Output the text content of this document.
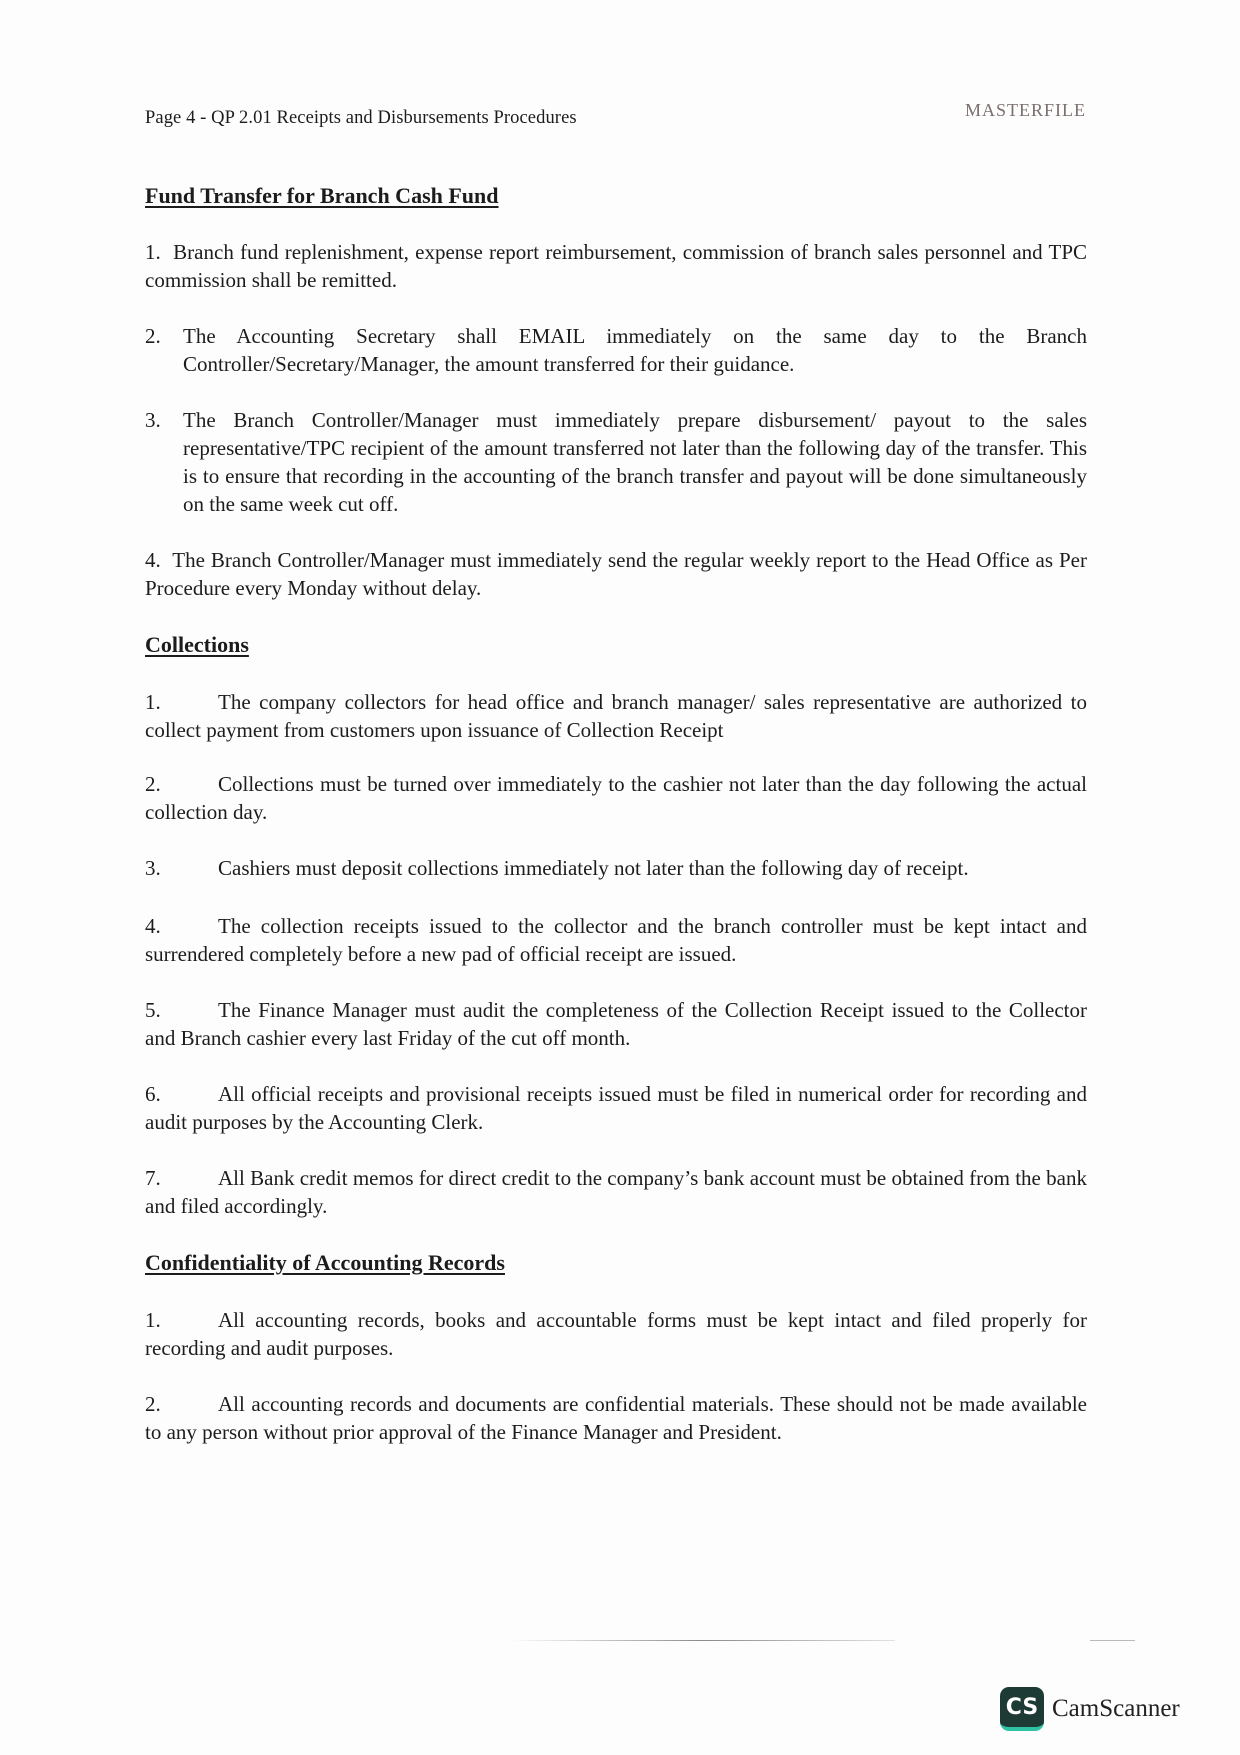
Page 4 - QP 2.01 Receipts and Disbursements Procedures	MASTERFILE
Fund Transfer for Branch Cash Fund
1. Branch fund replenishment, expense report reimbursement, commission of branch sales personnel and TPC commission shall be remitted.
2.	The Accounting Secretary shall EMAIL immediately on the same day to the Branch Controller/Secretary/Manager, the amount transferred for their guidance.
3.	The Branch Controller/Manager must immediately prepare disbursement/ payout to the sales representative/TPC recipient of the amount transferred not later than the following day of the transfer. This is to ensure that recording in the accounting of the branch transfer and payout will be done simultaneously on the same week cut off.
4. The Branch Controller/Manager must immediately send the regular weekly report to the Head Office as Per Procedure every Monday without delay.
Collections
1.	The company collectors for head office and branch manager/ sales representative are authorized to collect payment from customers upon issuance of Collection Receipt
2.	Collections must be turned over immediately to the cashier not later than the day following the actual collection day.
3.	Cashiers must deposit collections immediately not later than the following day of receipt.
4.	The collection receipts issued to the collector and the branch controller must be kept intact and surrendered completely before a new pad of official receipt are issued.
5.	The Finance Manager must audit the completeness of the Collection Receipt issued to the Collector and Branch cashier every last Friday of the cut off month.
6.	All official receipts and provisional receipts issued must be filed in numerical order for recording and audit purposes by the Accounting Clerk.
7.	All Bank credit memos for direct credit to the company’s bank account must be obtained from the bank and filed accordingly.
Confidentiality of Accounting Records
1.	All accounting records, books and accountable forms must be kept intact and filed properly for recording and audit purposes.
2.	All accounting records and documents are confidential materials. These should not be made available to any person without prior approval of the Finance Manager and President.
CS CamScanner
